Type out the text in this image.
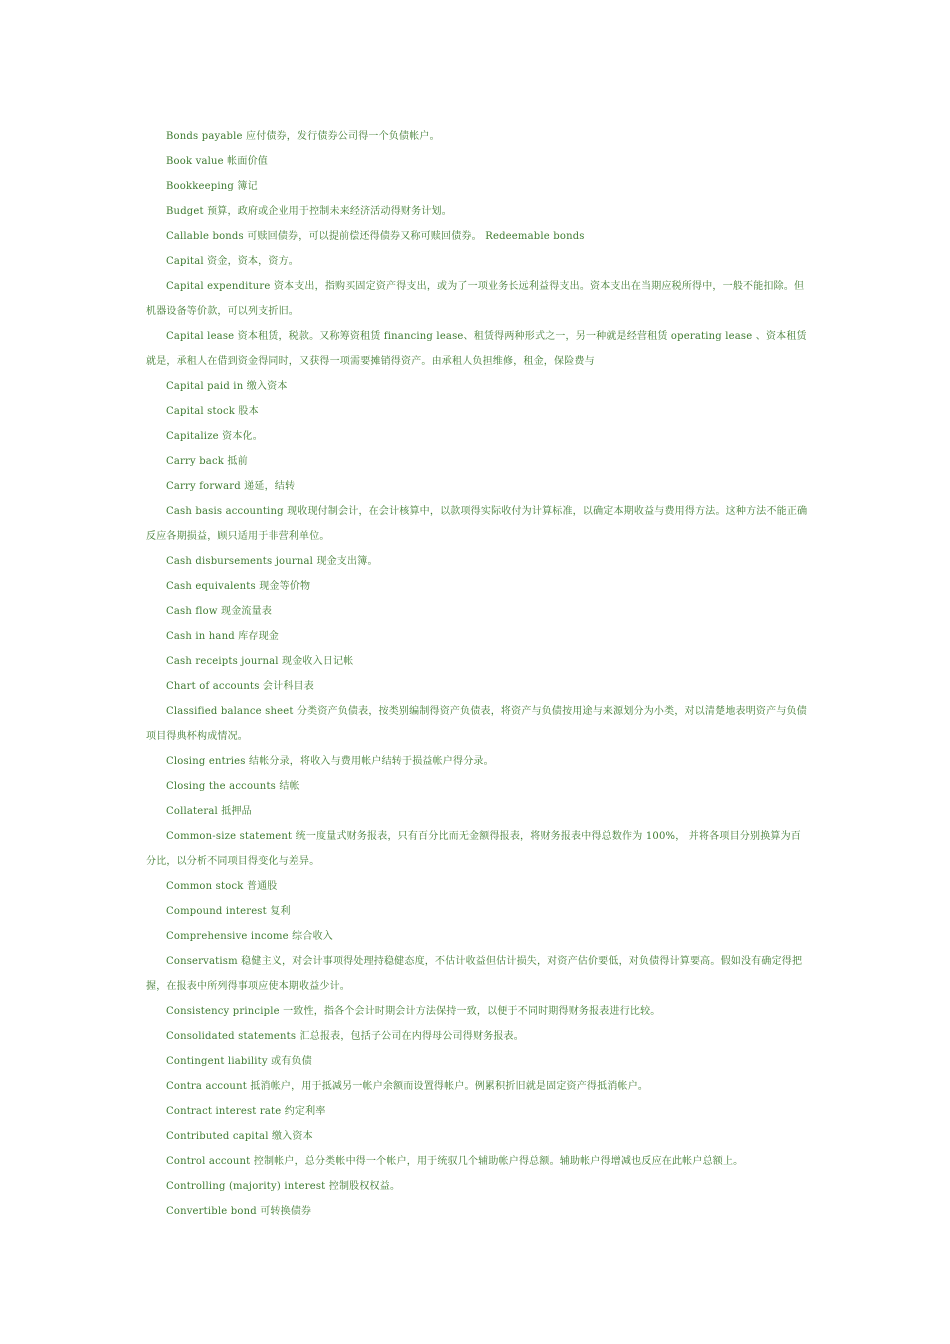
Bonds payable 应付债券，发行债券公司得一个负债帐户。

Book value 帐面价值

Bookkeeping 簿记

Budget 预算，政府或企业用于控制未来经济活动得财务计划。

Callable bonds 可赎回债券，可以提前偿还得债券又称可赎回债券。 Redeemable bonds

Capital 资金，资本，资方。

Capital expenditure 资本支出，指购买固定资产得支出，或为了一项业务长远利益得支出。资本支出在当期应税所得中，一般不能扣除。但机器设备等价款，可以列支折旧。

Capital lease 资本租赁，税款。又称筹资租赁 financing lease、租赁得两种形式之一，另一种就是经营租赁 operating lease 、资本租赁就是，承租人在借到资金得同时，又获得一项需要摊销得资产。由承租人负担维修，租金，保险费与

Capital paid in 缴入资本

Capital stock 股本

Capitalize 资本化。

Carry back 抵前

Carry forward 递延，结转

Cash basis accounting 现收现付制会计，在会计核算中，以款项得实际收付为计算标准，以确定本期收益与费用得方法。这种方法不能正确反应各期损益，顾只适用于非营利单位。

Cash disbursements journal 现金支出簿。

Cash equivalents 现金等价物

Cash flow 现金流量表

Cash in hand 库存现金

Cash receipts journal 现金收入日记帐

Chart of accounts 会计科目表

Classified balance sheet 分类资产负债表，按类别编制得资产负债表，将资产与负债按用途与来源划分为小类，对以清楚地表明资产与负债项目得典杯构成情况。

Closing entries 结帐分录，将收入与费用帐户结转于损益帐户得分录。

Closing the accounts 结帐

Collateral 抵押品

Common-size statement 统一度量式财务报表，只有百分比而无金额得报表，将财务报表中得总数作为 100%， 并将各项目分别换算为百分比，以分析不同项目得变化与差异。

Common stock 普通股

Compound interest 复利

Comprehensive income 综合收入

Conservatism 稳健主义，对会计事项得处理持稳健态度，不估计收益但估计损失，对资产估价要低，对负债得计算要高。假如没有确定得把握，在报表中所列得事项应使本期收益少计。

Consistency principle 一致性，指各个会计时期会计方法保持一致，以便于不同时期得财务报表进行比较。

Consolidated statements 汇总报表，包括子公司在内得母公司得财务报表。

Contingent liability 或有负债

Contra account 抵消帐户，用于抵减另一帐户余额而设置得帐户。例累积折旧就是固定资产得抵消帐户。

Contract interest rate 约定利率

Contributed capital 缴入资本

Control account 控制帐户，总分类帐中得一个帐户，用于统驭几个辅助帐户得总额。辅助帐户得增减也反应在此帐户总额上。

Controlling (majority) interest 控制股权权益。

Convertible bond 可转换债券
